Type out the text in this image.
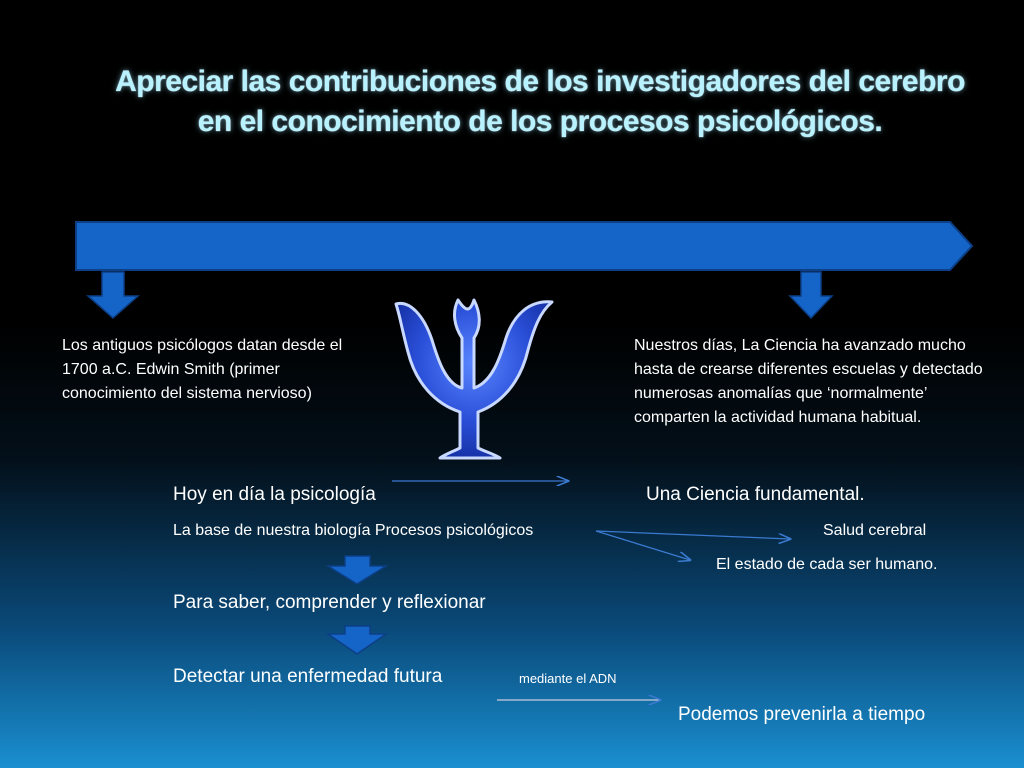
Apreciar las contribuciones de los investigadores del cerebro en el conocimiento de los procesos psicológicos.
Los antiguos psicólogos datan desde el 1700 a.C. Edwin Smith (primer conocimiento del sistema nervioso)
Nuestros días, La Ciencia ha avanzado mucho hasta de crearse diferentes escuelas y detectado numerosas anomalías que ‘normalmente’ comparten la actividad humana habitual.
Hoy en día la psicología	Una Ciencia fundamental.
La base de nuestra biología Procesos psicológicos	Salud cerebral
El estado de cada ser humano.
Para saber, comprender y reflexionar
Detectar una enfermedad futura	mediante el ADN
Podemos prevenirla a tiempo
